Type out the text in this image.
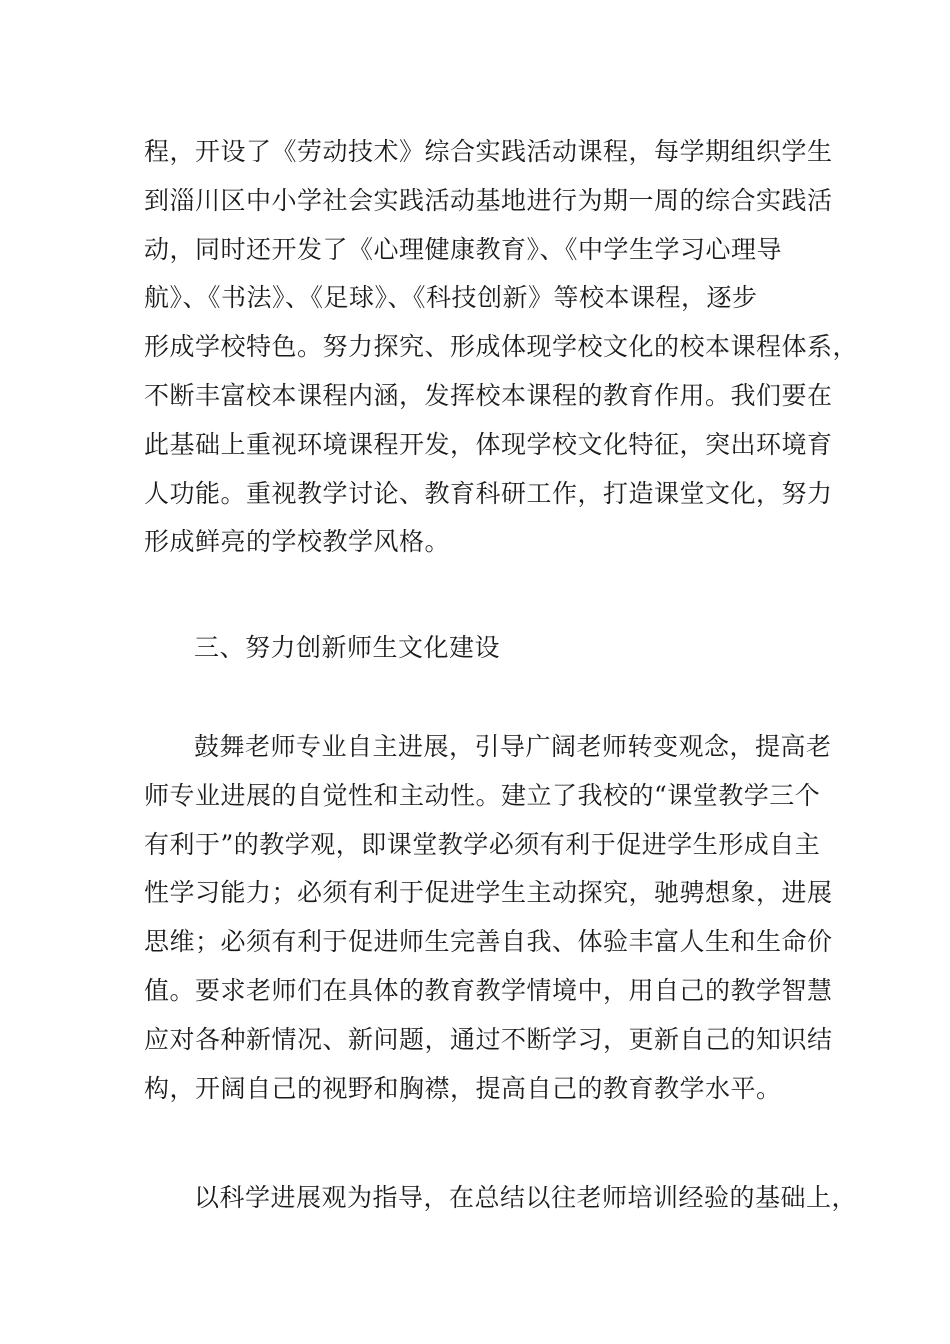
程，开设了《劳动技术》综合实践活动课程，每学期组织学生
到淄川区中小学社会实践活动基地进行为期一周的综合实践活
动，同时还开发了《心理健康教育》、《中学生学习心理导
航》、《书法》、《足球》、《科技创新》等校本课程，逐步
形成学校特色。努力探究、形成体现学校文化的校本课程体系，
不断丰富校本课程内涵，发挥校本课程的教育作用。我们要在
此基础上重视环境课程开发，体现学校文化特征，突出环境育
人功能。重视教学讨论、教育科研工作，打造课堂文化，努力
形成鲜亮的学校教学风格。
三、努力创新师生文化建设
鼓舞老师专业自主进展，引导广阔老师转变观念，提高老
师专业进展的自觉性和主动性。建立了我校的“课堂教学三个
有利于”的教学观，即课堂教学必须有利于促进学生形成自主
性学习能力；必须有利于促进学生主动探究，驰骋想象，进展
思维；必须有利于促进师生完善自我、体验丰富人生和生命价
值。要求老师们在具体的教育教学情境中，用自己的教学智慧
应对各种新情况、新问题，通过不断学习，更新自己的知识结
构，开阔自己的视野和胸襟，提高自己的教育教学水平。
以科学进展观为指导，在总结以往老师培训经验的基础上，
